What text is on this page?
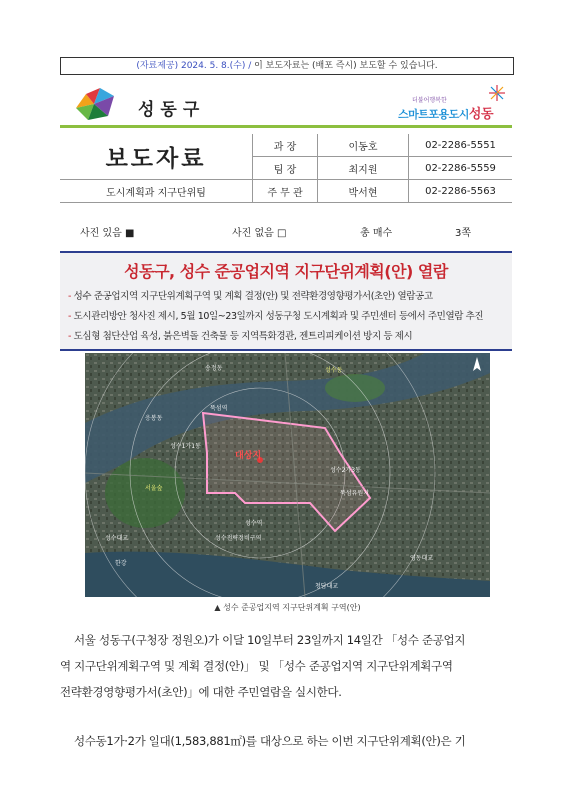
(자료제공) 2024. 5. 8.(수) / 이 보도자료는 (배포 즉시) 보도할 수 있습니다.
성동구	더불어행복한
스마트포용도시성동
보도자료	과 장	이동호	02-2286-5551
	팀 장	최지원	02-2286-5559
도시계획과 지구단위팀	주 무 관	박서현	02-2286-5563
사진 있음 ■	사진 없음 □	총 매수	3쪽
성동구, 성수 준공업지역 지구단위계획(안) 열람
- 성수 준공업지역 지구단위계획구역 및 계획 결정(안) 및 전략환경영향평가서(초안) 열람공고
- 도시관리방안 청사진 제시, 5월 10일~23일까지 성동구청 도시계획과 및 주민센터 등에서 주민열람 추진
- 도심형 첨단산업 육성, 붉은벽돌 건축물 등 지역특화경관, 젠트리피케이션 방지 등 제시
대상지
송정동	성수동
뚝섬역
성수역
서울숲
한강
뚝섬유원지
성수1가1동
성수2가3동
성수전략정비구역
응봉동
성수대교
영동대교
청담대교
▲ 성수 준공업지역 지구단위계획 구역(안)
서울 성동구(구청장 정원오)가 이달 10일부터 23일까지 14일간 「성수 준공업지
역 지구단위계획구역 및 계획 결정(안)」 및 「성수 준공업지역 지구단위계획구역
전략환경영향평가서(초안)」에 대한 주민열람을 실시한다.
성수동1가·2가 일대(1,583,881㎡)를 대상으로 하는 이번 지구단위계획(안)은 기
